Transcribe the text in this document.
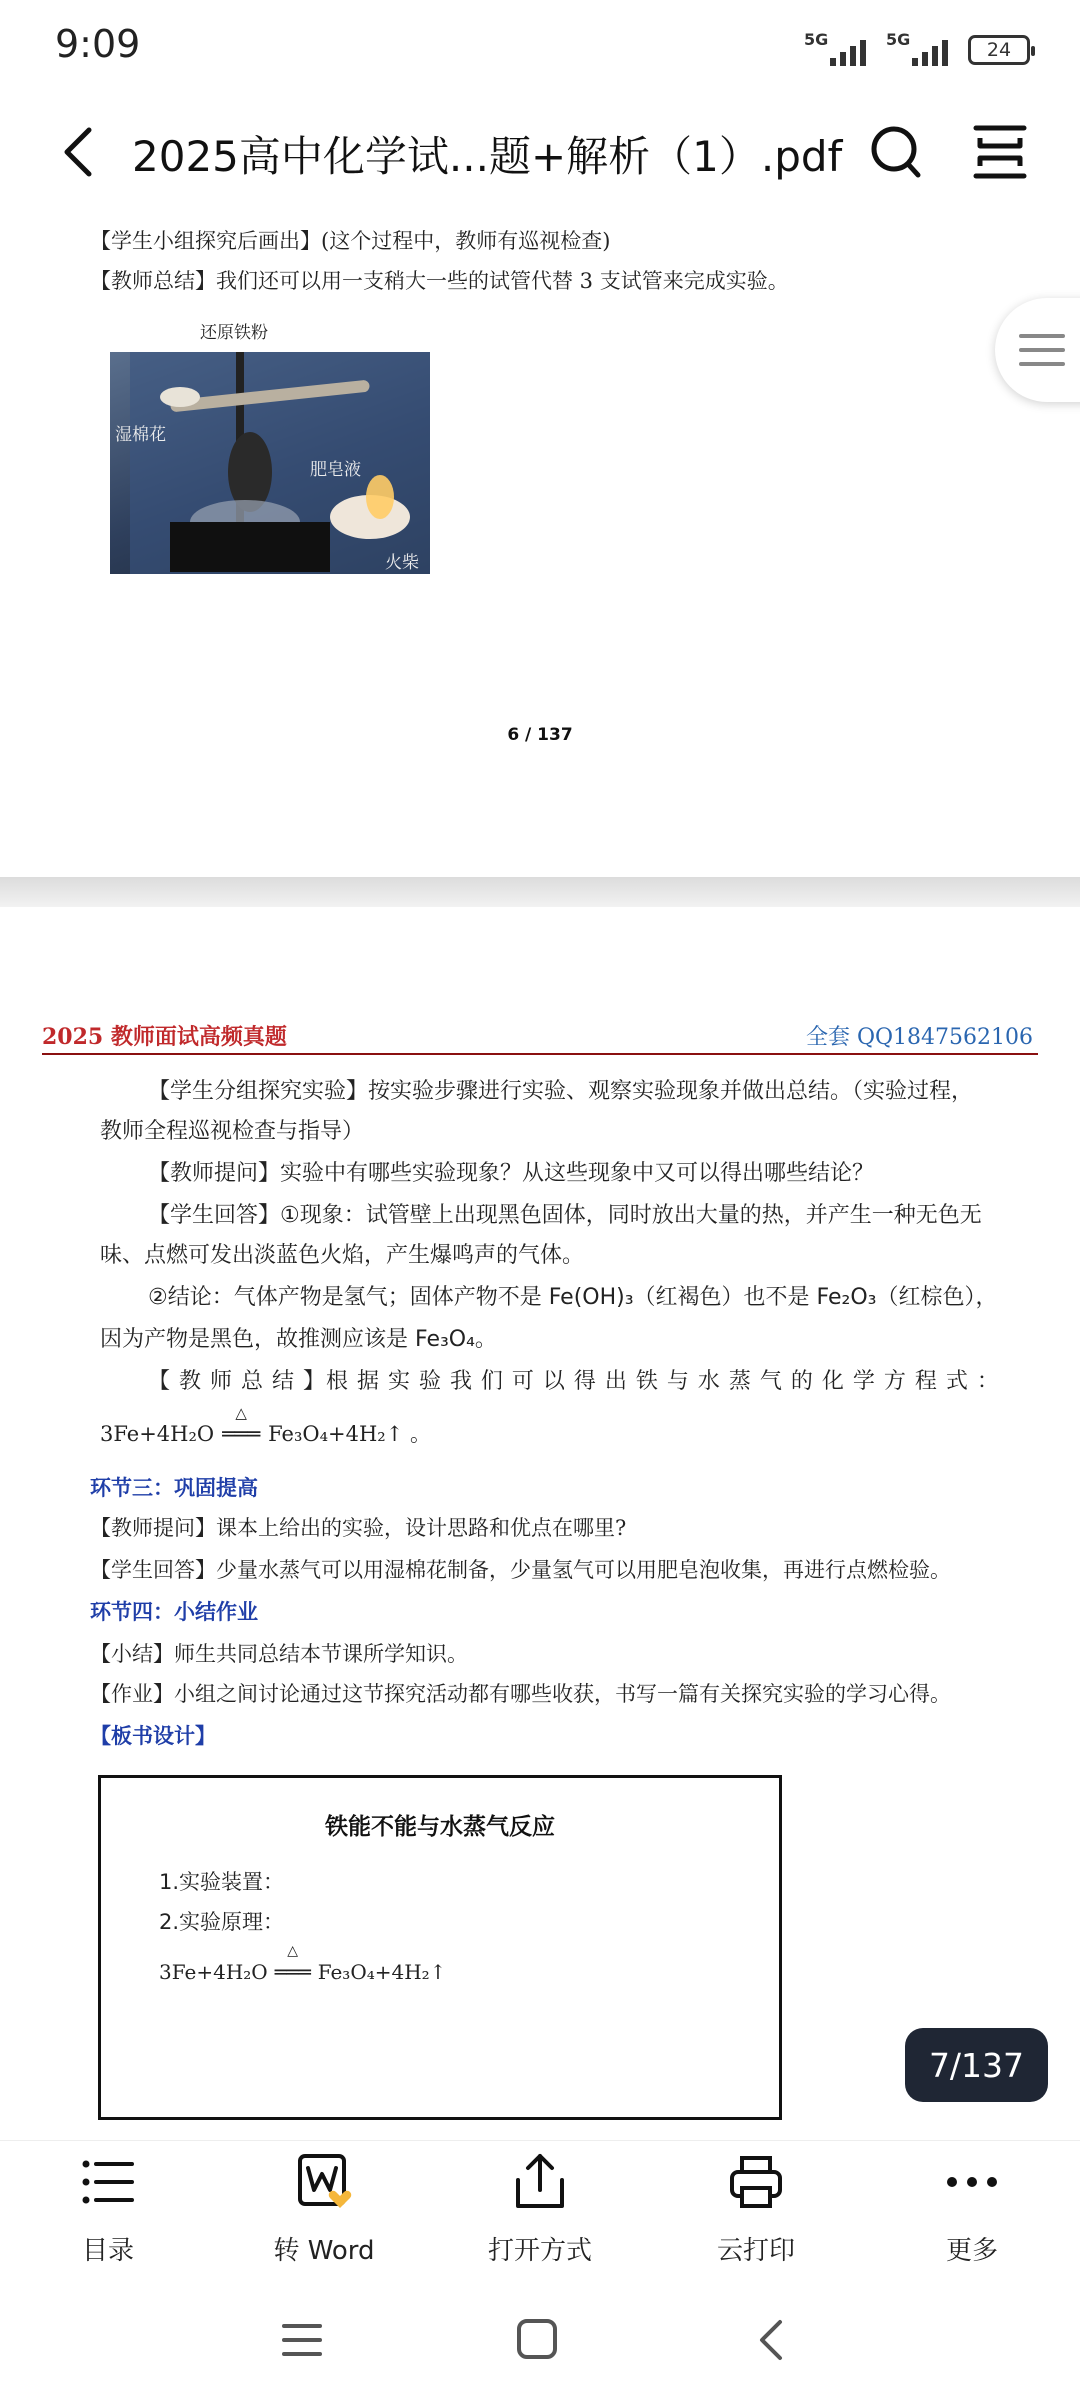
9:09	5G	5G	24
2025高中化学试...题+解析（1）.pdf
【学生小组探究后画出】(这个过程中，教师有巡视检查)
【教师总结】我们还可以用一支稍大一些的试管代替 3 支试管来完成实验。
6 / 137
还原铁粉
湿棉花
肥皂液
火柴
2025 教师面试高频真题	全套 QQ1847562106
【学生分组探究实验】按实验步骤进行实验、观察实验现象并做出总结。（实验过程，
教师全程巡视检查与指导）
【教师提问】实验中有哪些实验现象？从这些现象中又可以得出哪些结论？
【学生回答】①现象：试管壁上出现黑色固体，同时放出大量的热，并产生一种无色无
味、点燃可发出淡蓝色火焰，产生爆鸣声的气体。
②结论：气体产物是氢气；固体产物不是 Fe(OH)₃（红褐色）也不是 Fe₂O₃（红棕色），
因为产物是黑色，故推测应该是 Fe₃O₄。
【 教 师 总 结 】根 据 实 验 我 们 可 以 得 出 铁 与 水 蒸 气 的 化 学 方 程 式 ：
3Fe+4H₂O
△
═══ Fe₃O₄+4H₂↑ 。
环节三：巩固提高
【教师提问】课本上给出的实验，设计思路和优点在哪里?
【学生回答】少量水蒸气可以用湿棉花制备，少量氢气可以用肥皂泡收集，再进行点燃检验。
环节四：小结作业
【小结】师生共同总结本节课所学知识。
【作业】小组之间讨论通过这节探究活动都有哪些收获，书写一篇有关探究实验的学习心得。
【板书设计】
铁能不能与水蒸气反应
1.实验装置：
2.实验原理：
3Fe+4H₂O
△
═══ Fe₃O₄+4H₂↑
7/137
目录	转 Word	打开方式	云打印	更多
